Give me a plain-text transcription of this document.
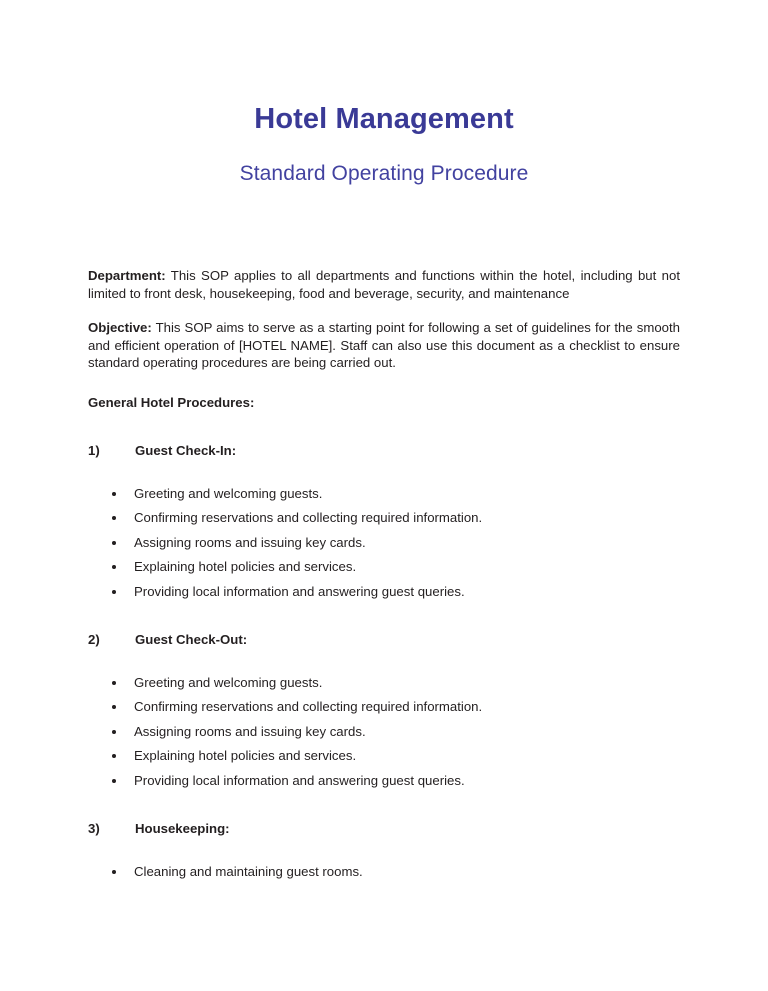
Hotel Management
Standard Operating Procedure

Department: This SOP applies to all departments and functions within the hotel, including but not limited to front desk, housekeeping, food and beverage, security, and maintenance

Objective: This SOP aims to serve as a starting point for following a set of guidelines for the smooth and efficient operation of [HOTEL NAME]. Staff can also use this document as a checklist to ensure standard operating procedures are being carried out.

General Hotel Procedures:

1)	Guest Check-In:
Greeting and welcoming guests.
Confirming reservations and collecting required information.
Assigning rooms and issuing key cards.
Explaining hotel policies and services.
Providing local information and answering guest queries.
2)	Guest Check-Out:
Greeting and welcoming guests.
Confirming reservations and collecting required information.
Assigning rooms and issuing key cards.
Explaining hotel policies and services.
Providing local information and answering guest queries.
3)	Housekeeping:
Cleaning and maintaining guest rooms.
